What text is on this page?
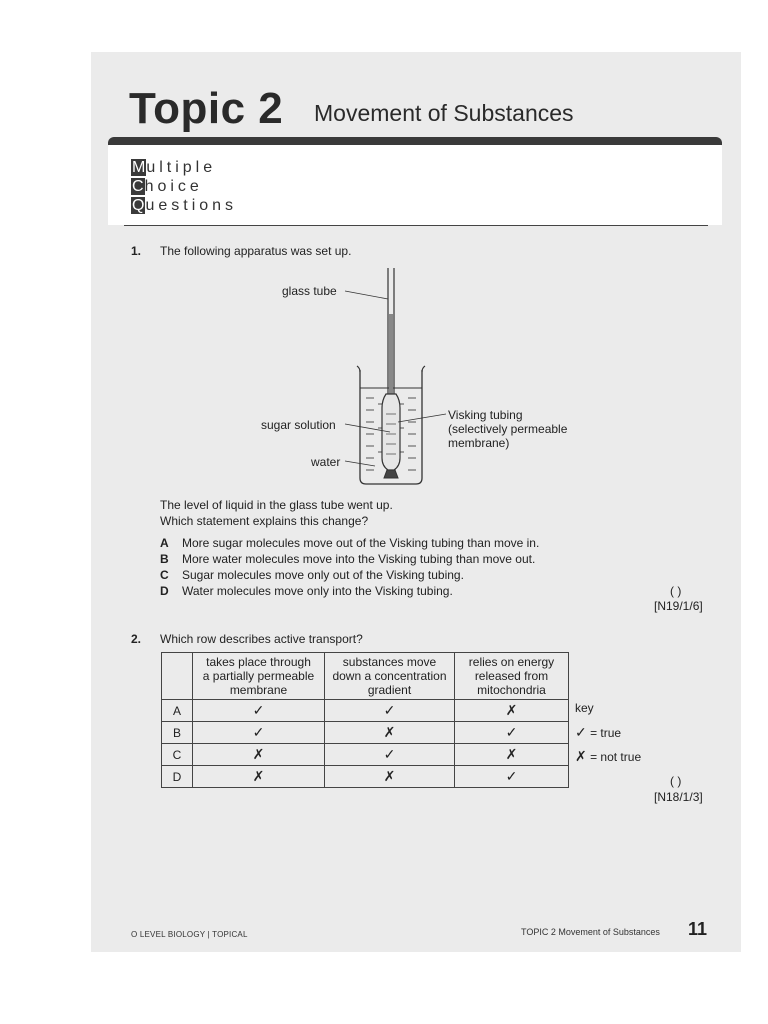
Topic 2 Movement of Substances
Multiple
Choice
Questions
1. The following apparatus was set up.
glass tube
sugar solution
water
Visking tubing
(selectively permeable
membrane)
The level of liquid in the glass tube went up.
Which statement explains this change?
A More sugar molecules move out of the Visking tubing than move in.
B More water molecules move into the Visking tubing than move out.
C Sugar molecules move only out of the Visking tubing.
D Water molecules move only into the Visking tubing.	( )
[N19/1/6]
2. Which row describes active transport?
	takes place through
a partially permeable
membrane	substances move
down a concentration
gradient	relies on energy
released from
mitochondria
A	✓	✓	✗
B	✓	✗	✓
C	✗	✓	✗
D	✗	✗	✓
key
✓ = true
✗ = not true
( )
[N18/1/3]
O LEVEL BIOLOGY | TOPICAL	TOPIC 2 Movement of Substances 11
